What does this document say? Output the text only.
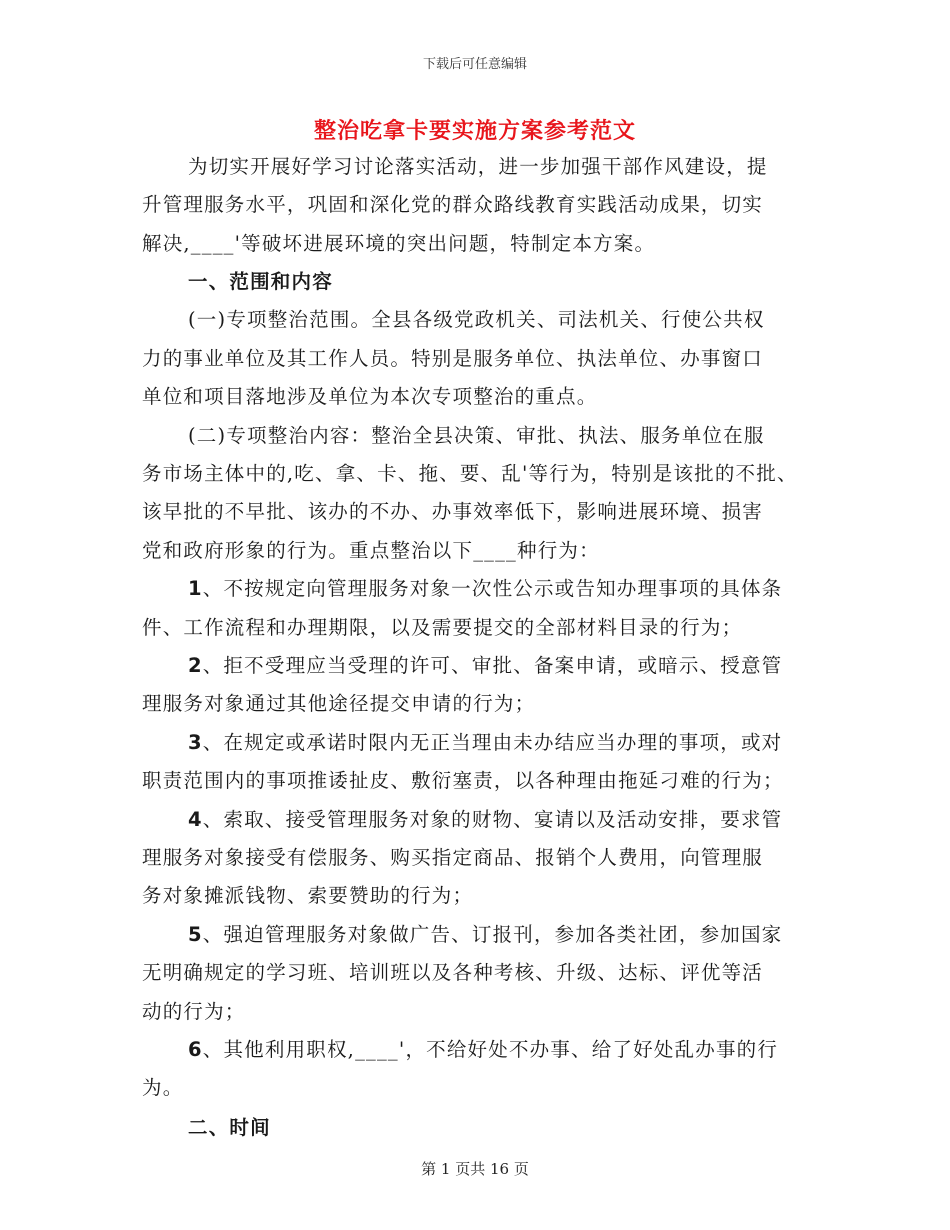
下载后可任意编辑
整治吃拿卡要实施方案参考范文
为切实开展好学习讨论落实活动，进一步加强干部作风建设，提
升管理服务水平，巩固和深化党的群众路线教育实践活动成果，切实
解决,____'等破坏进展环境的突出问题，特制定本方案。
一、范围和内容
(一)专项整治范围。全县各级党政机关、司法机关、行使公共权
力的事业单位及其工作人员。特别是服务单位、执法单位、办事窗口
单位和项目落地涉及单位为本次专项整治的重点。
(二)专项整治内容：整治全县决策、审批、执法、服务单位在服
务市场主体中的,吃、拿、卡、拖、要、乱'等行为，特别是该批的不批、
该早批的不早批、该办的不办、办事效率低下，影响进展环境、损害
党和政府形象的行为。重点整治以下____种行为：
1、不按规定向管理服务对象一次性公示或告知办理事项的具体条
件、工作流程和办理期限，以及需要提交的全部材料目录的行为；
2、拒不受理应当受理的许可、审批、备案申请，或暗示、授意管
理服务对象通过其他途径提交申请的行为；
3、在规定或承诺时限内无正当理由未办结应当办理的事项，或对
职责范围内的事项推诿扯皮、敷衍塞责，以各种理由拖延刁难的行为；
4、索取、接受管理服务对象的财物、宴请以及活动安排，要求管
理服务对象接受有偿服务、购买指定商品、报销个人费用，向管理服
务对象摊派钱物、索要赞助的行为；
5、强迫管理服务对象做广告、订报刊，参加各类社团，参加国家
无明确规定的学习班、培训班以及各种考核、升级、达标、评优等活
动的行为；
6、其他利用职权,____'，不给好处不办事、给了好处乱办事的行
为。
二、时间
第 1 页共 16 页
